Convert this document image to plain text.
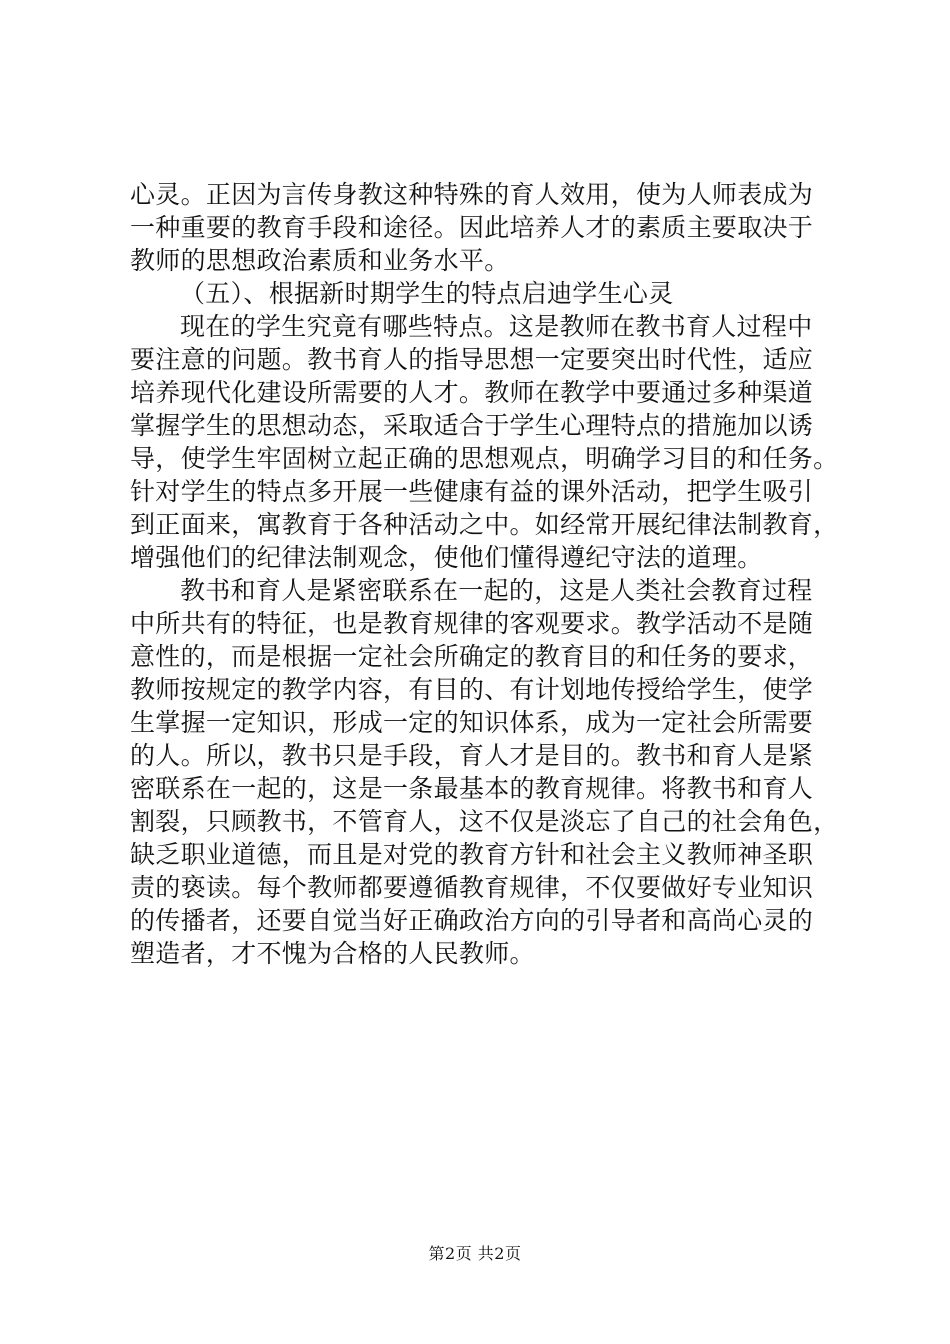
心灵。正因为言传身教这种特殊的育人效用，使为人师表成为
一种重要的教育手段和途径。因此培养人才的素质主要取决于
教师的思想政治素质和业务水平。
（五）、根据新时期学生的特点启迪学生心灵
现在的学生究竟有哪些特点。这是教师在教书育人过程中
要注意的问题。教书育人的指导思想一定要突出时代性，适应
培养现代化建设所需要的人才。教师在教学中要通过多种渠道
掌握学生的思想动态，采取适合于学生心理特点的措施加以诱
导，使学生牢固树立起正确的思想观点，明确学习目的和任务。
针对学生的特点多开展一些健康有益的课外活动，把学生吸引
到正面来，寓教育于各种活动之中。如经常开展纪律法制教育，
增强他们的纪律法制观念，使他们懂得遵纪守法的道理。
教书和育人是紧密联系在一起的，这是人类社会教育过程
中所共有的特征，也是教育规律的客观要求。教学活动不是随
意性的，而是根据一定社会所确定的教育目的和任务的要求，
教师按规定的教学内容，有目的、有计划地传授给学生，使学
生掌握一定知识，形成一定的知识体系，成为一定社会所需要
的人。所以，教书只是手段，育人才是目的。教书和育人是紧
密联系在一起的，这是一条最基本的教育规律。将教书和育人
割裂，只顾教书，不管育人，这不仅是淡忘了自己的社会角色，
缺乏职业道德，而且是对党的教育方针和社会主义教师神圣职
责的亵读。每个教师都要遵循教育规律，不仅要做好专业知识
的传播者，还要自觉当好正确政治方向的引导者和高尚心灵的
塑造者，才不愧为合格的人民教师。
第2页 共2页
